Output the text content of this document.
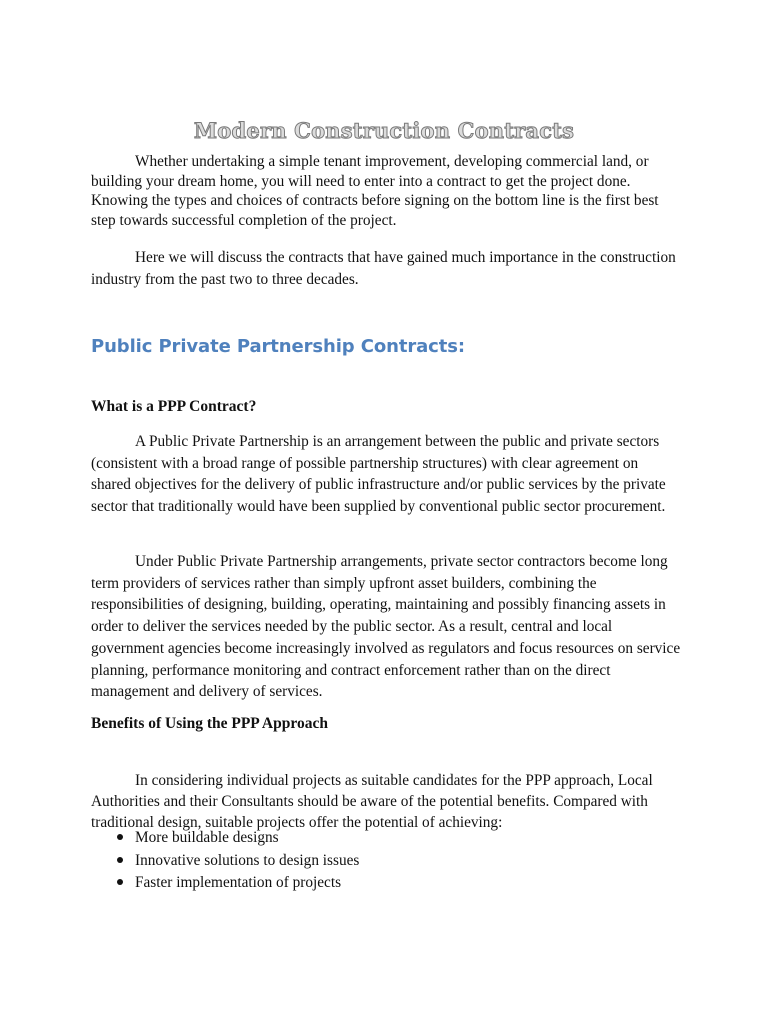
Modern Construction Contracts

Whether undertaking a simple tenant improvement, developing commercial land, or building your dream home, you will need to enter into a contract to get the project done. Knowing the types and choices of contracts before signing on the bottom line is the first best step towards successful completion of the project.

Here we will discuss the contracts that have gained much importance in the construction industry from the past two to three decades.

Public Private Partnership Contracts:
What is a PPP Contract?

A Public Private Partnership is an arrangement between the public and private sectors (consistent with a broad range of possible partnership structures) with clear agreement on shared objectives for the delivery of public infrastructure and/or public services by the private sector that traditionally would have been supplied by conventional public sector procurement.

Under Public Private Partnership arrangements, private sector contractors become long term providers of services rather than simply upfront asset builders, combining the responsibilities of designing, building, operating, maintaining and possibly financing assets in order to deliver the services needed by the public sector. As a result, central and local government agencies become increasingly involved as regulators and focus resources on service planning, performance monitoring and contract enforcement rather than on the direct management and delivery of services.

Benefits of Using the PPP Approach

In considering individual projects as suitable candidates for the PPP approach, Local Authorities and their Consultants should be aware of the potential benefits. Compared with traditional design, suitable projects offer the potential of achieving:

More buildable designs
Innovative solutions to design issues
Faster implementation of projects
